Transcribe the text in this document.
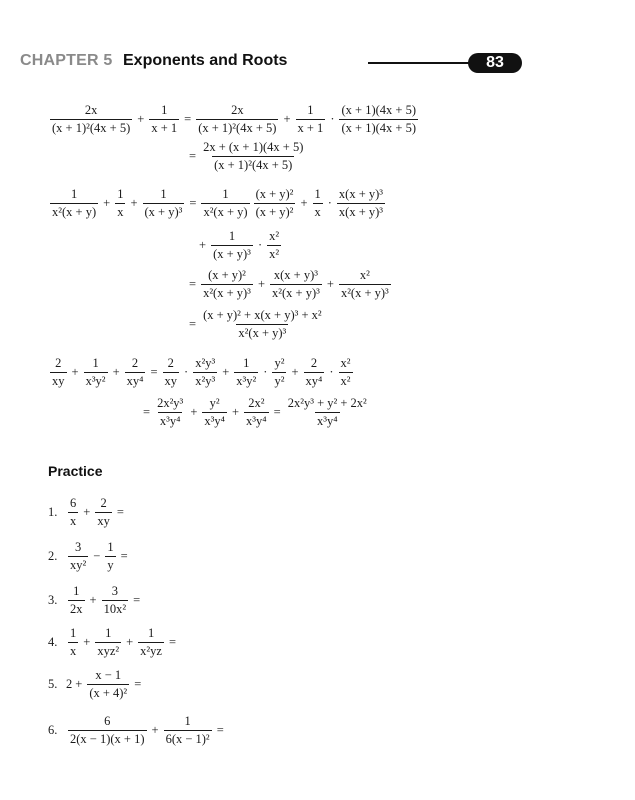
CHAPTER 5 Exponents and Roots	83
$\frac{2x}{\text{(x + 1)²(4x + 5)}} + \frac{1}{x + 1} = \frac{2x}{\text{(x + 1)²(4x + 5)}} + \frac{1}{x + 1} \cdot \frac{(x + 1)(4x + 5)}{(x + 1)(4x + 5)}$
= $\frac{2x + (x + 1)(4x + 5)}{\text{(x + 1)²(4x + 5)}}$
$\frac{1}{\text{x²(x + y)}} + \frac{1}{x} + \frac{1}{\text{(x + y)³}} = \frac{1}{\text{x²(x + y)}} \frac{\text{(x + y)²}}{\text{(x + y)²}} + \frac{1}{x} \cdot \frac{\text{x(x + y)³}}{\text{x(x + y)³}}$
+ $\frac{1}{\text{(x + y)³}} \cdot \frac{\text{x²}}{\text{x²}}$
= $\frac{\text{(x + y)²}}{\text{x²(x + y)³}} + \frac{\text{x(x + y)³}}{\text{x²(x + y)³}} + \frac{\text{x²}}{\text{x²(x + y)³}}$
= $\frac{\text{(x + y)² + x(x + y)³ + x²}}{\text{x²(x + y)³}}$
$\frac{2}{xy} + \frac{1}{\text{x³y²}} + \frac{2}{\text{xy⁴}} = \frac{2}{xy} \cdot \frac{\text{x²y³}}{\text{x²y³}} + \frac{1}{\text{x³y²}} \cdot \frac{\text{y²}}{\text{y²}} + \frac{2}{\text{xy⁴}} \cdot \frac{\text{x²}}{\text{x²}}$
= $\frac{\text{2x²y³}}{\text{x³y⁴}} + \frac{\text{y²}}{\text{x³y⁴}} + \frac{\text{2x²}}{\text{x³y⁴}} = \frac{\text{2x²y³ + y² + 2x²}}{\text{x³y⁴}}$
Practice
1. $\frac{6}{x} + \frac{2}{xy}$ =
2. $\frac{3}{\text{xy²}} - \frac{1}{y}$ =
3. $\frac{1}{2x} + \frac{3}{\text{10x²}}$ =
4. $\frac{1}{x} + \frac{1}{\text{xyz²}} + \frac{1}{\text{x²yz}}$ =
5. $2 + \frac{x - 1}{\text{(x + 4)²}}$ =
6. $\frac{6}{2(x - 1)(x + 1)} + \frac{1}{\text{6(x − 1)²}}$ =
